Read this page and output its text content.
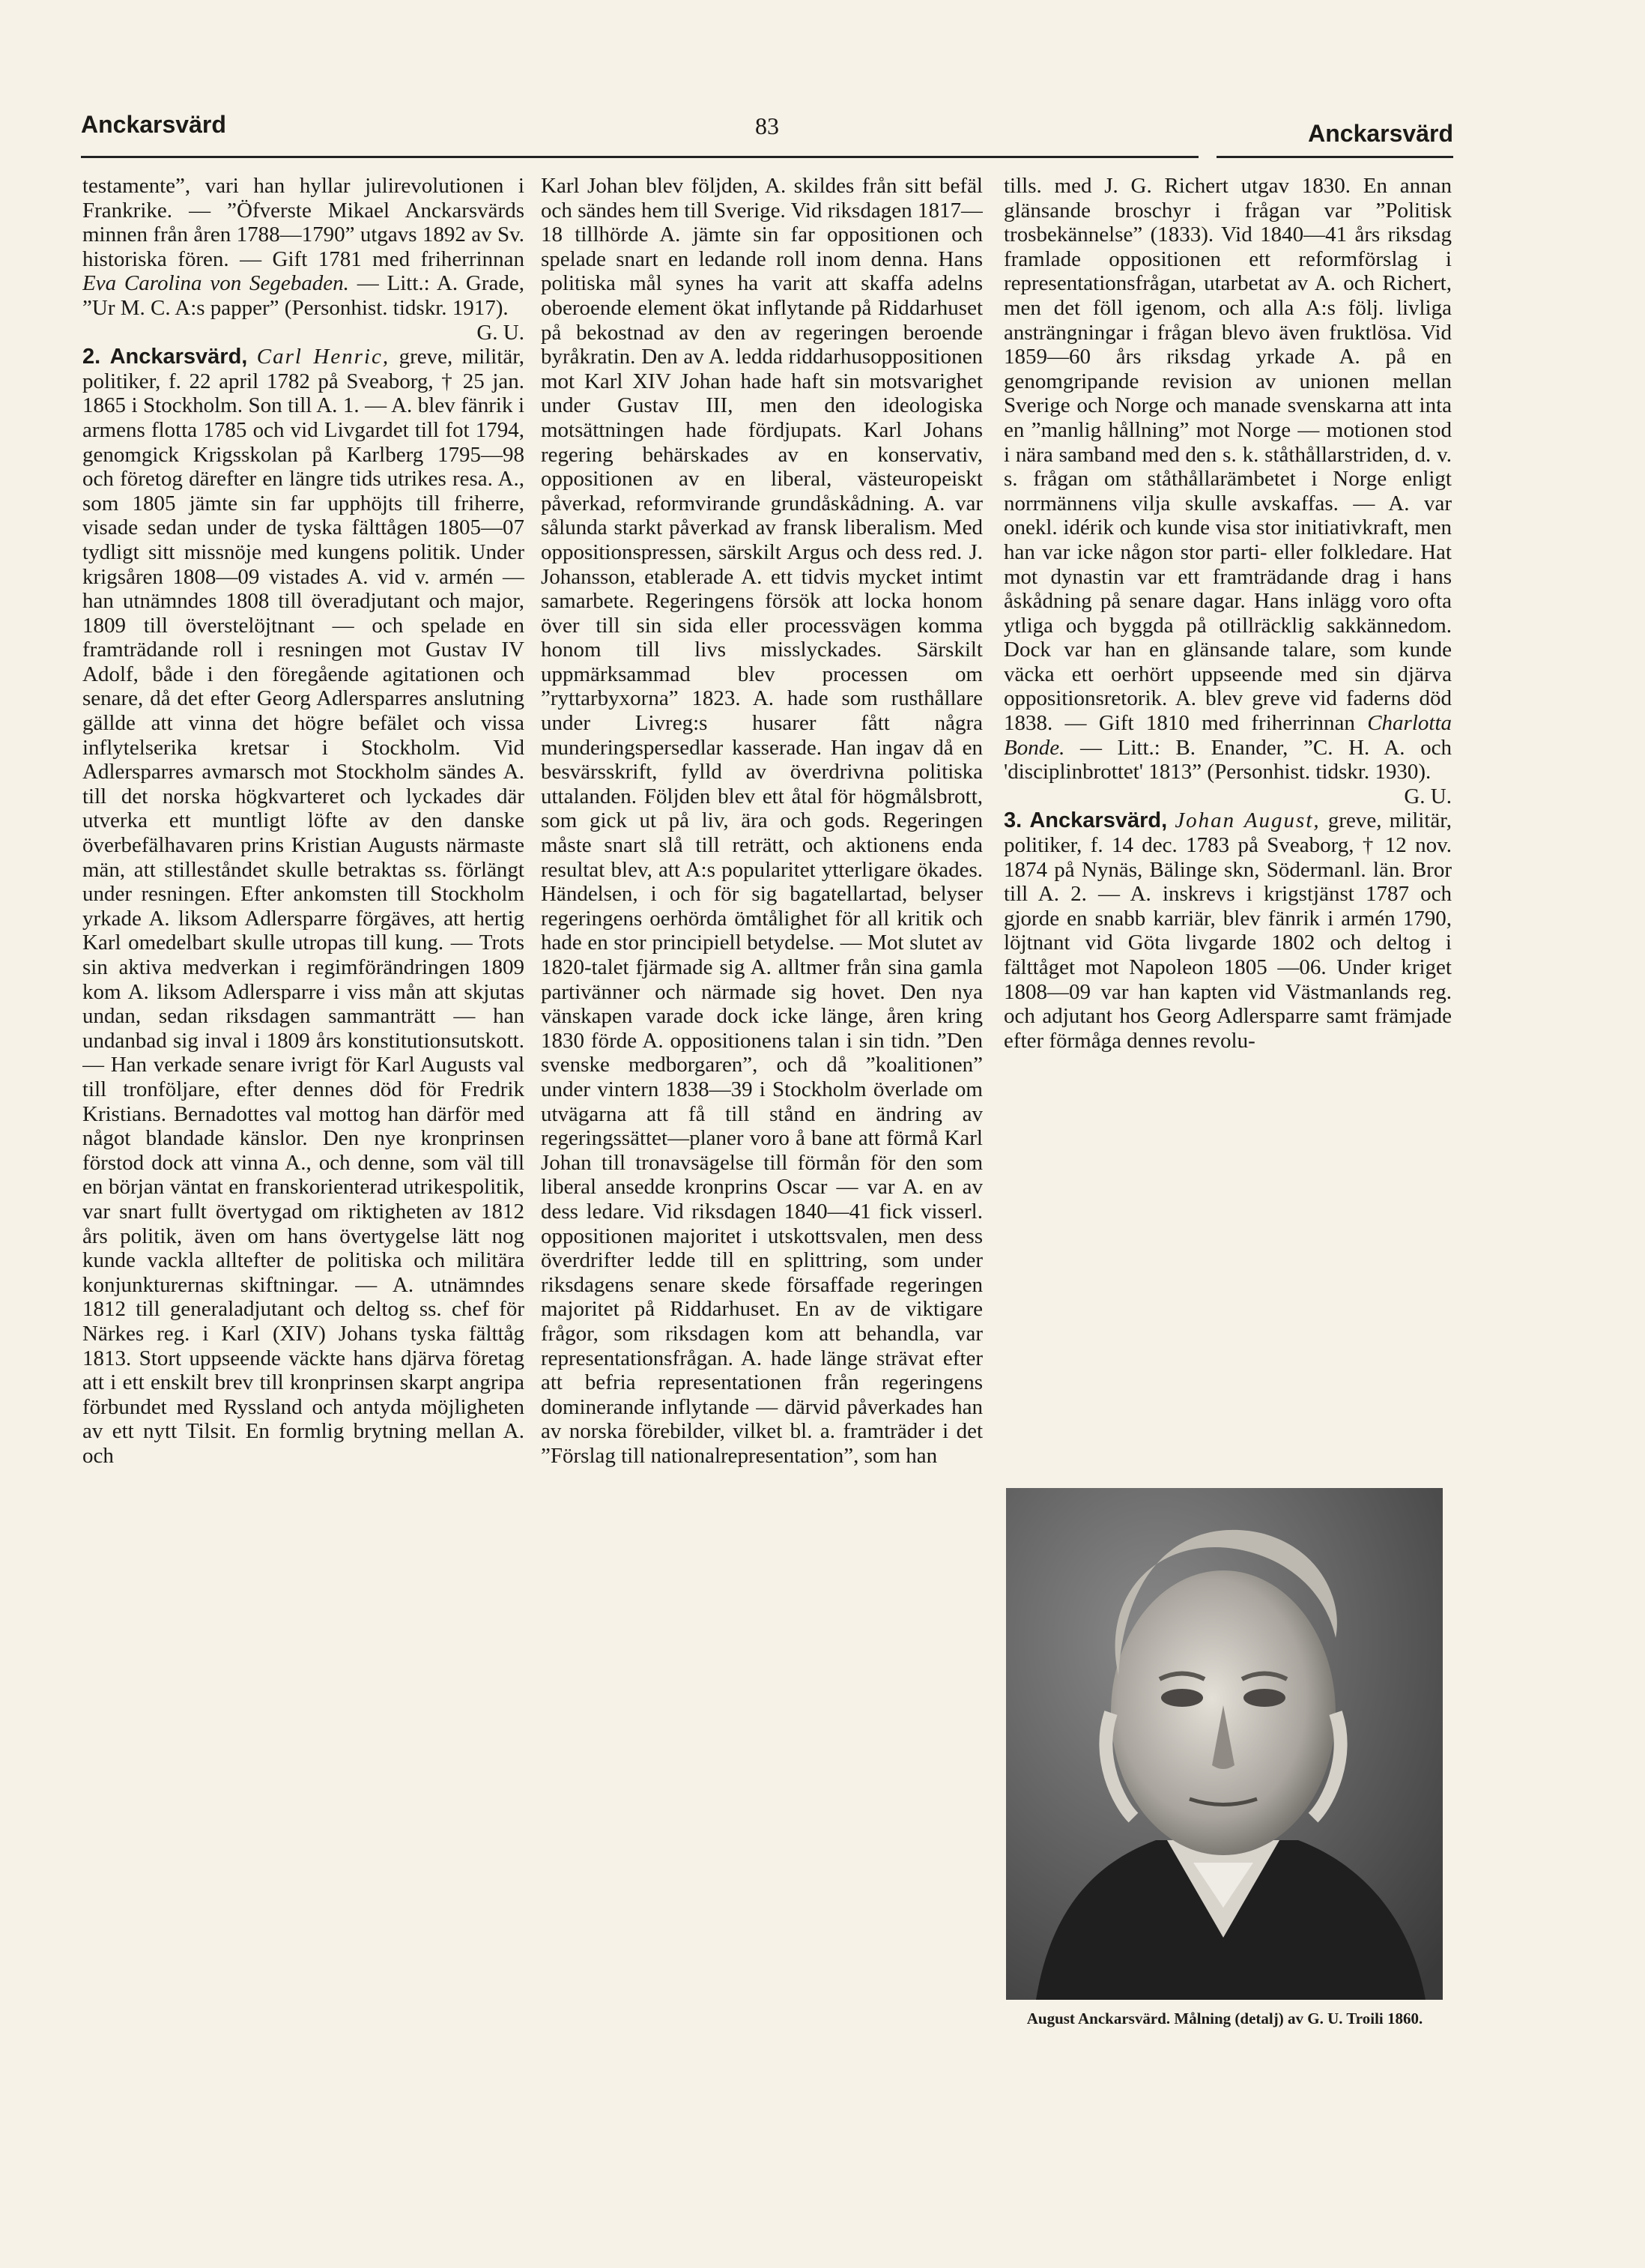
Anckarsvärd	83	Anckarsvärd

testamente”, vari han hyllar julirevolutionen i Frankrike. — ”Öfverste Mikael Anckarsvärds minnen från åren 1788—1790” utgavs 1892 av Sv. historiska fören. — Gift 1781 med friherrinnan Eva Carolina von Segebaden. — Litt.: A. Grade, ”Ur M. C. A:s papper” (Personhist. tidskr. 1917).
G. U.

2. Anckarsvärd, Carl Henric, greve, militär, politiker, f. 22 april 1782 på Sveaborg, † 25 jan. 1865 i Stockholm. Son till A. 1. — A. blev fänrik i armens flotta 1785 och vid Livgardet till fot 1794, genomgick Krigsskolan på Karlberg 1795—98 och företog därefter en längre tids utrikes resa. A., som 1805 jämte sin far upphöjts till friherre, visade sedan under de tyska fälttågen 1805—07 tydligt sitt missnöje med kungens politik. Under krigsåren 1808—09 vistades A. vid v. armén — han utnämndes 1808 till överadjutant och major, 1809 till överstelöjtnant — och spelade en framträdande roll i resningen mot Gustav IV Adolf, både i den föregående agitationen och senare, då det efter Georg Adlersparres anslutning gällde att vinna det högre befälet och vissa inflytelserika kretsar i Stockholm. Vid Adlersparres avmarsch mot Stockholm sändes A. till det norska högkvarteret och lyckades där utverka ett muntligt löfte av den danske överbefälhavaren prins Kristian Augusts närmaste män, att stilleståndet skulle betraktas ss. förlängt under resningen. Efter ankomsten till Stockholm yrkade A. liksom Adlersparre förgäves, att hertig Karl omedelbart skulle utropas till kung. — Trots sin aktiva medverkan i regimförändringen 1809 kom A. liksom Adlersparre i viss mån att skjutas undan, sedan riksdagen sammanträtt — han undanbad sig inval i 1809 års konstitutionsutskott. — Han verkade senare ivrigt för Karl Augusts val till tronföljare, efter dennes död för Fredrik Kristians. Bernadottes val mottog han därför med något blandade känslor. Den nye kronprinsen förstod dock att vinna A., och denne, som väl till en början väntat en franskorienterad utrikespolitik, var snart fullt övertygad om riktigheten av 1812 års politik, även om hans övertygelse lätt nog kunde vackla alltefter de politiska och militära konjunkturernas skiftningar. — A. utnämndes 1812 till generaladjutant och deltog ss. chef för Närkes reg. i Karl (XIV) Johans tyska fälttåg 1813. Stort uppseende väckte hans djärva företag att i ett enskilt brev till kronprinsen skarpt angripa förbundet med Ryssland och antyda möjligheten av ett nytt Tilsit. En formlig brytning mellan A. och

Karl Johan blev följden, A. skildes från sitt befäl och sändes hem till Sverige. Vid riksdagen 1817—18 tillhörde A. jämte sin far oppositionen och spelade snart en ledande roll inom denna. Hans politiska mål synes ha varit att skaffa adelns oberoende element ökat inflytande på Riddarhuset på bekostnad av den av regeringen beroende byråkratin. Den av A. ledda riddarhusoppositionen mot Karl XIV Johan hade haft sin motsvarighet under Gustav III, men den ideologiska motsättningen hade fördjupats. Karl Johans regering behärskades av en konservativ, oppositionen av en liberal, västeuropeiskt påverkad, reformvirande grundåskådning. A. var sålunda starkt påverkad av fransk liberalism. Med oppositionspressen, särskilt Argus och dess red. J. Johansson, etablerade A. ett tidvis mycket intimt samarbete. Regeringens försök att locka honom över till sin sida eller processvägen komma honom till livs misslyckades. Särskilt uppmärksammad blev processen om ”ryttarbyxorna” 1823. A. hade som rusthållare under Livreg:s husarer fått några munderingspersedlar kasserade. Han ingav då en besvärsskrift, fylld av överdrivna politiska uttalanden. Följden blev ett åtal för högmålsbrott, som gick ut på liv, ära och gods. Regeringen måste snart slå till reträtt, och aktionens enda resultat blev, att A:s popularitet ytterligare ökades. Händelsen, i och för sig bagatellartad, belyser regeringens oerhörda ömtålighet för all kritik och hade en stor principiell betydelse. — Mot slutet av 1820-talet fjärmade sig A. alltmer från sina gamla partivänner och närmade sig hovet. Den nya vänskapen varade dock icke länge, åren kring 1830 förde A. oppositionens talan i sin tidn. ”Den svenske medborgaren”, och då ”koalitionen” under vintern 1838—39 i Stockholm överlade om utvägarna att få till stånd en ändring av regeringssättet—planer voro å bane att förmå Karl Johan till tronavsägelse till förmån för den som liberal ansedde kronprins Oscar — var A. en av dess ledare. Vid riksdagen 1840—41 fick visserl. oppositionen majoritet i utskottsvalen, men dess överdrifter ledde till en splittring, som under riksdagens senare skede försaffade regeringen majoritet på Riddarhuset. En av de viktigare frågor, som riksdagen kom att behandla, var representationsfrågan. A. hade länge strävat efter att befria representationen från regeringens dominerande inflytande — därvid påverkades han av norska förebilder, vilket bl. a. framträder i det ”Förslag till nationalrepresentation”, som han

tills. med J. G. Richert utgav 1830. En annan glänsande broschyr i frågan var ”Politisk trosbekännelse” (1833). Vid 1840—41 års riksdag framlade oppositionen ett reformförslag i representationsfrågan, utarbetat av A. och Richert, men det föll igenom, och alla A:s följ. livliga ansträngningar i frågan blevo även fruktlösa. Vid 1859—60 års riksdag yrkade A. på en genomgripande revision av unionen mellan Sverige och Norge och manade svenskarna att inta en ”manlig hållning” mot Norge — motionen stod i nära samband med den s. k. ståthållarstriden, d. v. s. frågan om ståthållarämbetet i Norge enligt norrmännens vilja skulle avskaffas. — A. var onekl. idérik och kunde visa stor initiativkraft, men han var icke någon stor parti- eller folkledare. Hat mot dynastin var ett framträdande drag i hans åskådning på senare dagar. Hans inlägg voro ofta ytliga och byggda på otillräcklig sakkännedom. Dock var han en glänsande talare, som kunde väcka ett oerhört uppseende med sin djärva oppositionsretorik. A. blev greve vid faderns död 1838. — Gift 1810 med friherrinnan Charlotta Bonde. — Litt.: B. Enander, ”C. H. A. och 'disciplinbrottet' 1813” (Personhist. tidskr. 1930).
G. U.

3. Anckarsvärd, Johan August, greve, militär, politiker, f. 14 dec. 1783 på Sveaborg, † 12 nov. 1874 på Nynäs, Bälinge skn, Södermanl. län. Bror till A. 2. — A. inskrevs i krigstjänst 1787 och gjorde en snabb karriär, blev fänrik i armén 1790, löjtnant vid Göta livgarde 1802 och deltog i fälttåget mot Napoleon 1805 —06. Under kriget 1808—09 var han kapten vid Västmanlands reg. och adjutant hos Georg Adlersparre samt främjade efter förmåga dennes revolu-

August Anckarsvärd. Målning (detalj) av G. U. Troili 1860.
